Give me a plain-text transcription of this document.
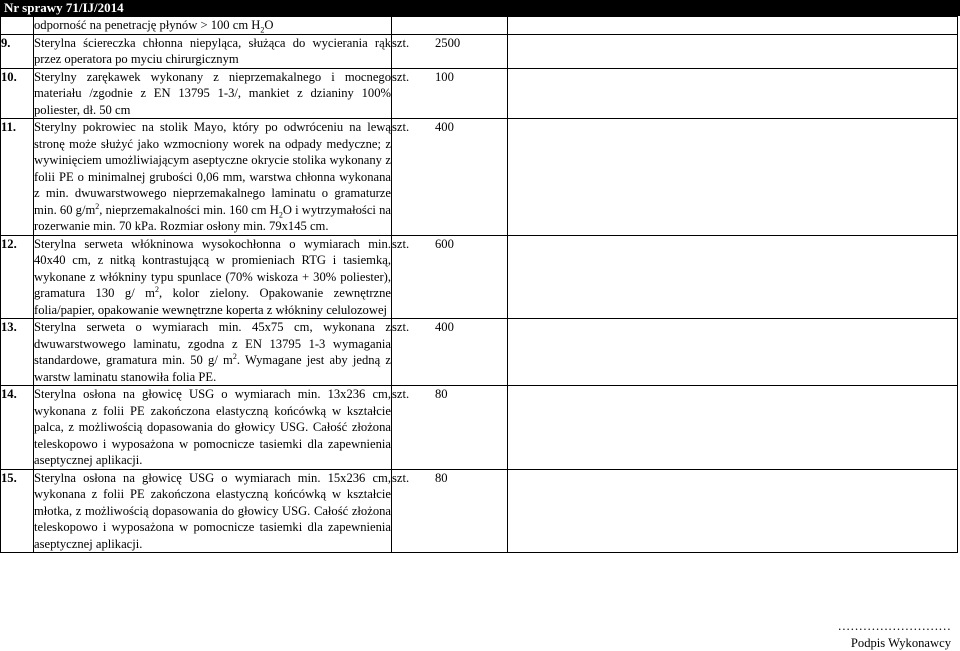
Nr sprawy 71/IJ/2014
	odporność na penetrację płynów > 100 cm $H_2O$		
9.	Sterylna ściereczka chłonna niepyląca, służąca do wycierania rąk przez operatora po myciu chirurgicznym	szt. 2500	
10.	Sterylny zarękawek wykonany z nieprzemakalnego i mocnego materiału /zgodnie z EN 13795 1-3/, mankiet z dzianiny 100% poliester, dł. 50 cm	szt. 100	
11.	Sterylny pokrowiec na stolik Mayo, który po odwróceniu na lewą stronę może służyć jako wzmocniony worek na odpady medyczne; z wywinięciem umożliwiającym aseptyczne okrycie stolika wykonany z folii PE o minimalnej grubości 0,06 mm, warstwa chłonna wykonana z min. dwuwarstwowego nieprzemakalnego laminatu o gramaturze min. 60 $g/m^2$, nieprzemakalności min. 160 cm $H_2O$ i wytrzymałości na rozerwanie min. 70 kPa. Rozmiar osłony min. 79x145 cm.	szt. 400	
12.	Sterylna serweta włókninowa wysokochłonna o wymiarach min. 40x40 cm, z nitką kontrastującą w promieniach RTG i tasiemką, wykonane z włókniny typu spunlace (70% wiskoza + 30% poliester), gramatura 130 g/ $m^2$, kolor zielony. Opakowanie zewnętrzne folia/papier, opakowanie wewnętrzne koperta z włókniny celulozowej	szt. 600	
13.	Sterylna serweta o wymiarach min. 45x75 cm, wykonana z dwuwarstwowego laminatu, zgodna z EN 13795 1-3 wymagania standardowe, gramatura min. 50 g/ $m^2$. Wymagane jest aby jedną z warstw laminatu stanowiła folia PE.	szt. 400	
14.	Sterylna osłona na głowicę USG o wymiarach min. 13x236 cm, wykonana z folii PE zakończona elastyczną końcówką w kształcie palca, z możliwością dopasowania do głowicy USG. Całość złożona teleskopowo i wyposażona w pomocnicze tasiemki dla zapewnienia aseptycznej aplikacji.	szt. 80	
15.	Sterylna osłona na głowicę USG o wymiarach min. 15x236 cm, wykonana z folii PE zakończona elastyczną końcówką w kształcie młotka, z możliwością dopasowania do głowicy USG. Całość złożona teleskopowo i wyposażona w pomocnicze tasiemki dla zapewnienia aseptycznej aplikacji.	szt. 80	
………………………
Podpis Wykonawcy
